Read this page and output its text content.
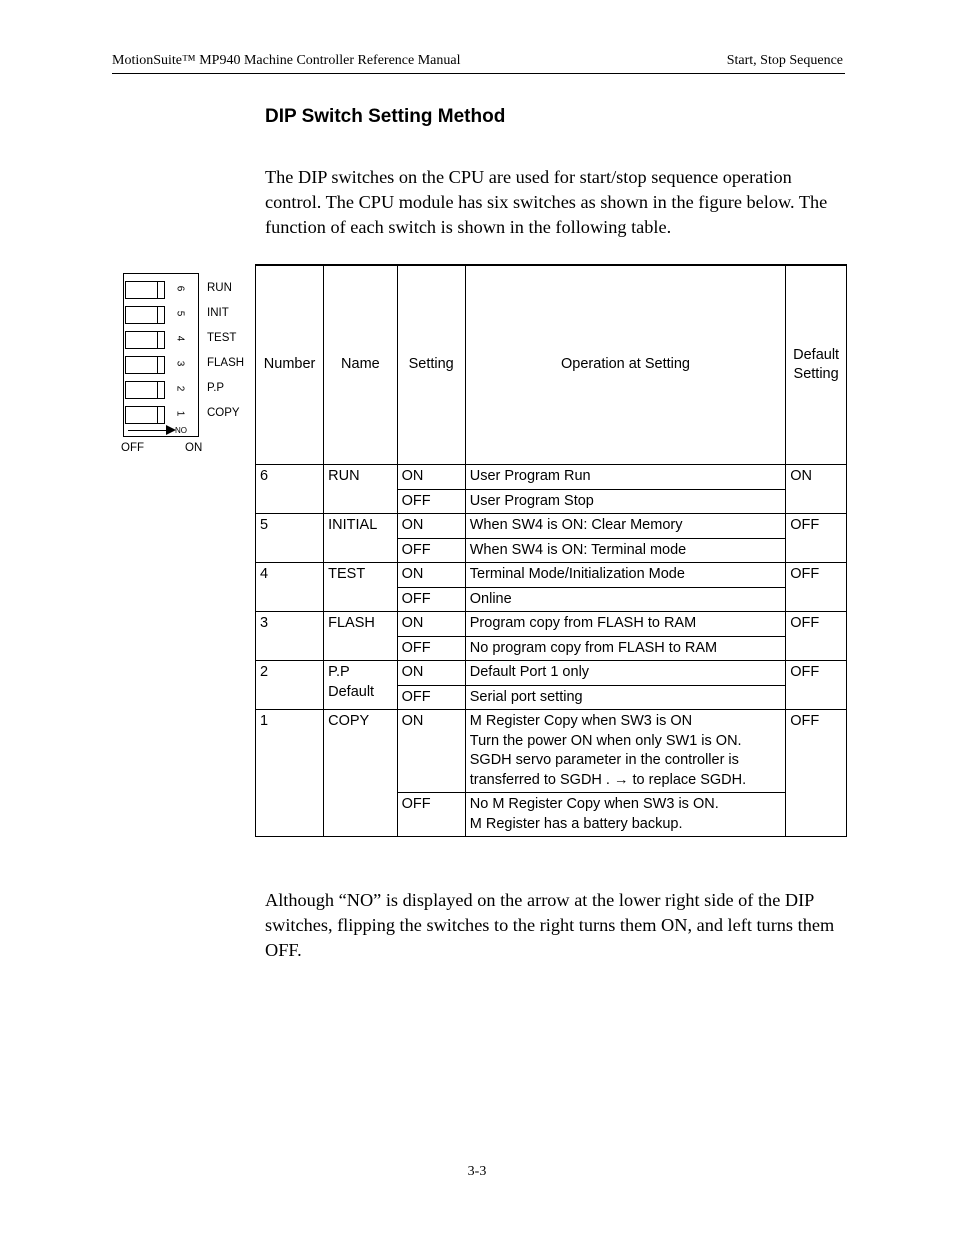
MotionSuite™ MP940 Machine Controller Reference Manual	Start, Stop Sequence
DIP Switch Setting Method
The DIP switches on the CPU are used for start/stop sequence operation control. The CPU module has six switches as shown in the figure below. The function of each switch is shown in the following table.
NO
OFF	ON
6 RUN
5 INIT
4 TEST
3 FLASH
2 P.P
1 COPY
Number	Name	Setting	Operation at Setting	Default Setting
6	RUN	ON	User Program Run	ON
		OFF	User Program Stop	
5	INITIAL	ON	When SW4 is ON: Clear Memory	OFF
		OFF	When SW4 is ON: Terminal mode	
4	TEST	ON	Terminal Mode/Initialization Mode	OFF
		OFF	Online	
3	FLASH	ON	Program copy from FLASH to RAM	OFF
		OFF	No program copy from FLASH to RAM	
2	P.P Default	ON	Default Port 1 only	OFF
		OFF	Serial port setting	
1	COPY	ON	M Register Copy when SW3 is ON
Turn the power ON when only SW1 is ON. SGDH servo parameter in the controller is transferred to SGDH . → to replace SGDH.	OFF
		OFF	No M Register Copy when SW3 is ON.
M Register has a battery backup.	
Although “NO” is displayed on the arrow at the lower right side of the DIP switches, flipping the switches to the right turns them ON, and left turns them OFF.
3-3
